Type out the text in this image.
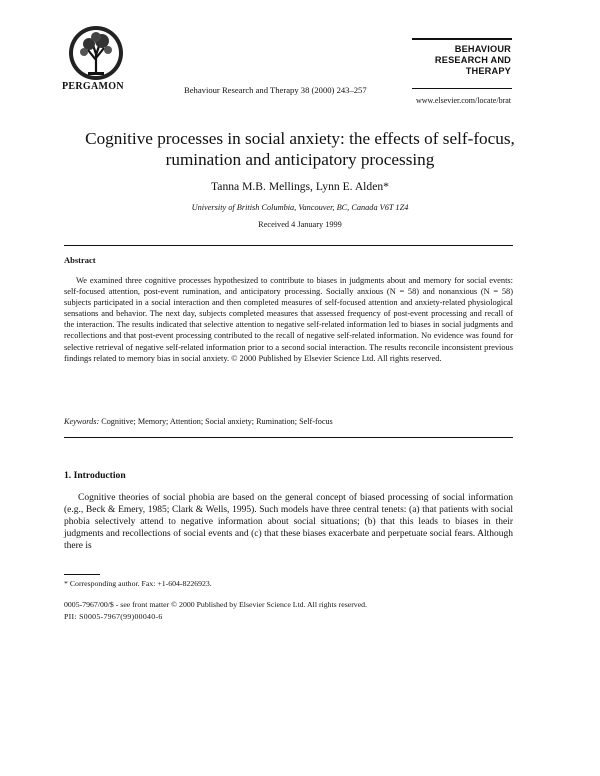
PERGAMON	Behaviour Research and Therapy 38 (2000) 243–257
BEHAVIOUR
RESEARCH AND
THERAPY
www.elsevier.com/locate/brat
Cognitive processes in social anxiety: the effects of self-focus, rumination and anticipatory processing
Tanna M.B. Mellings, Lynn E. Alden*
University of British Columbia, Vancouver, BC, Canada V6T 1Z4
Received 4 January 1999
Abstract
We examined three cognitive processes hypothesized to contribute to biases in judgments about and memory for social events: self-focused attention, post-event rumination, and anticipatory processing. Socially anxious (N = 58) and nonanxious (N = 58) subjects participated in a social interaction and then completed measures of self-focused attention and anxiety-related physiological sensations and behavior. The next day, subjects completed measures that assessed frequency of post-event processing and recall of the interaction. The results indicated that selective attention to negative self-related information led to biases in social judgments and recollections and that post-event processing contributed to the recall of negative self-related information. No evidence was found for selective retrieval of negative self-related information prior to a second social interaction. The results reconcile inconsistent previous findings related to memory bias in social anxiety. © 2000 Published by Elsevier Science Ltd. All rights reserved.
Keywords: Cognitive; Memory; Attention; Social anxiety; Rumination; Self-focus
1. Introduction
Cognitive theories of social phobia are based on the general concept of biased processing of social information (e.g., Beck & Emery, 1985; Clark & Wells, 1995). Such models have three central tenets: (a) that patients with social phobia selectively attend to negative information about social situations; (b) that this leads to biases in their judgments and recollections of social events and (c) that these biases exacerbate and perpetuate social fears. Although there is
* Corresponding author. Fax: +1-604-8226923.
0005-7967/00/$ - see front matter © 2000 Published by Elsevier Science Ltd. All rights reserved.
PII: S0005-7967(99)00040-6
